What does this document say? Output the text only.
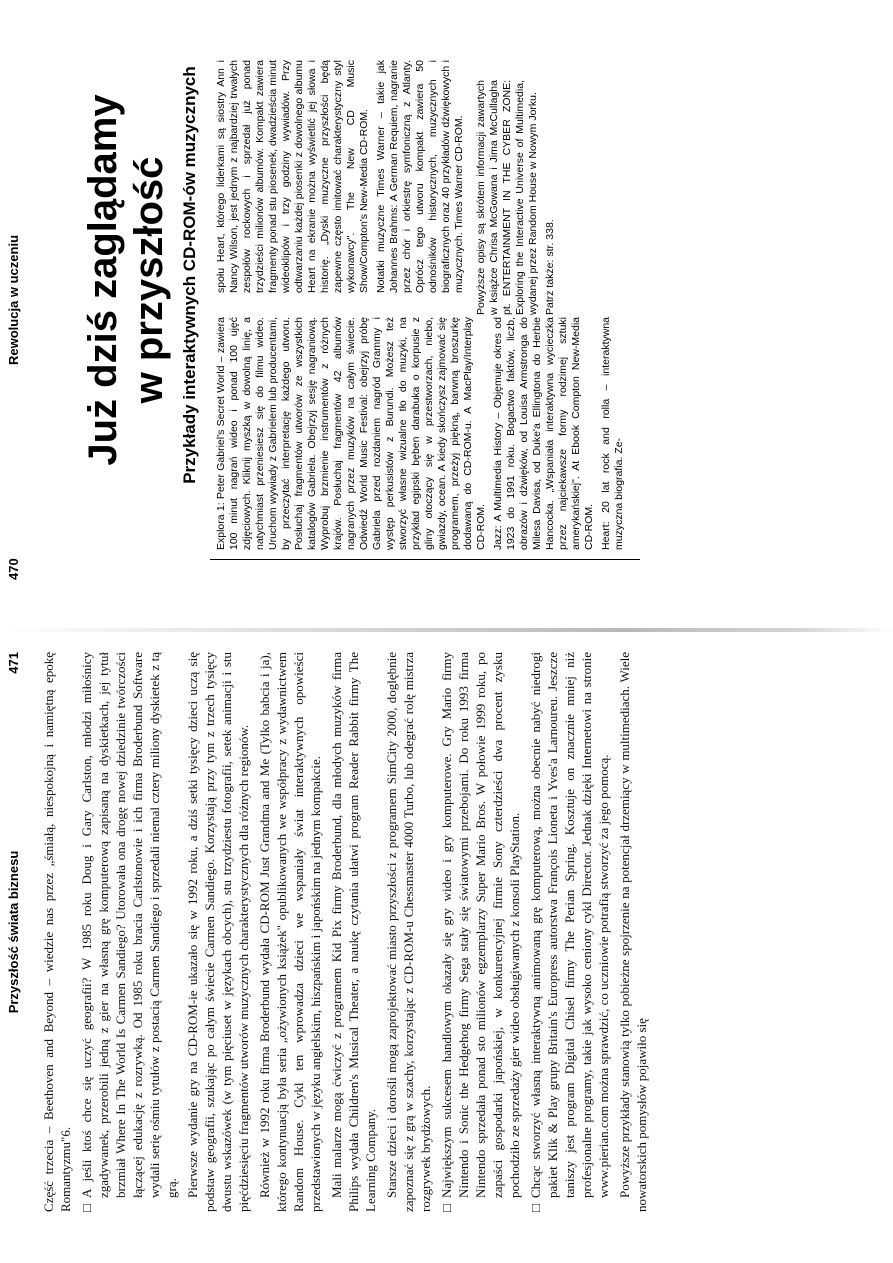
470
Rewolucja w uczeniu Już dziś zaglądamy w przyszłość Przykłady interaktywnych CD-ROM-ów muzycznych Explora 1: Peter Gabriel's Secret World – zawiera 100 minut nagrań wideo i ponad 100 ujęć zdjęciowych. Kliknij myszką w dowolną linię, a natychmiast przeniesiesz się do filmu wideo. Uruchom wywiady z Gabrielem lub producentami, by przeczytać interpretację każdego utworu. Posłuchaj fragmentów utworów ze wszystkich katalogów Gabriela. Obejrzyj sesję nagraniową. Wyprobuj brzmienie instrumentów z różnych krajów. Posłuchaj fragmentów 42 albumów nagranych przez muzyków na całym świecie. Odwiedź World Music Festival: obejrzyj próbę Gabriela przed rozdaniem nagród Grammy i występ perkusistów z Burundi. Możesz też stworzyć własne wizualne tło do muzyki, na przykład egipski bęben darabuka o korpusie z gliny otoczący się w przestworzach, niebo, gwiazdy, ocean. A kiedy skończysz zajmować się programem, przeżyj piękną, barwną broszurkę dodawaną do CD-ROM-u. A MacPlay/Interplay CD-ROM. Jazz: A Multimedia History – Objęmuje okres od 1923 do 1991 roku. Bogactwo faktów, liczb, obrazów i dźwięków, od Louisa Armstronga do Milesa Davisa, od Duke'a Ellingtona do Herbie Hancocka. „Wspaniała interaktywna wycieczka przez najciekawsze formy rodzimej sztuki amerykańskiej". At Ebook Compton New-Media CD-ROM. Heart: 20 lat rock and rolla – interaktywna muzyczna biografia. Ze-

społu Heart, którego liderkami są siostry Ann i Nancy Wilson, jest jednym z najbardziej trwałych zespołów rockowych i sprzedał już ponad trzydzieści milionów albumów. Kompakt zawiera fragmenty ponad stu piosenek, dwadzieścia minut wideoklipów i trzy godziny wywiadów. Przy odtwarzaniu każdej piosenki z dowolnego albumu Heart na ekranie można wyświetlić jej słowa i historię. „Dyski muzyczne przyszłości będą zapewne często imitować charakterystyczny styl wykonawcy". The New CD Music Show/Compton's New-Media CD-ROM. Notatki muzyczne Times Warner – takie jak Johannes Brahms: A German Requiem, nagranie przez chór i orkiestrę symfoniczną z Atlanty. Oprócz tego utworu kompakt zawiera 50 odnośników historycznych, muzycznych i biograficznych oraz 40 przykładów dźwiękowych i muzycznych. Times Warner CD-ROM. Powyższe opisy są skrótem informacji zawartych w książce Chrisa McGowana i Jima McCullagha pt. ENTERTAINMENT IN THE CYBER ZONE: Exploring the Interactive Universe of Multimedia, wydanej przez Random House w Nowym Jorku. Patrz także: str. 338.

Przyszłość świata biznesu
471 Część trzecia – Beethoven and Beyond – wiedzie nas przez „śmiałą, niespokojną i namiętną epokę Romantyzmu"6. □ A jeśli ktoś chce się uczyć geografii? W 1985 roku Doug i Gary Carlston, młodzi miłośnicy zgadywanek, przerobili jedną z gier na własną grę komputerową zapisaną na dyskietkach, jej tytuł brzmiał Where In The World Is Carmen Sandiego? Utorowała ona drogę nowej dziedzinie twórczości łączącej edukację z rozrywką. Od 1985 roku bracia Carlstonowie i ich firma Broderbund Software wydali serię ośmiu tytułów z postacią Carmen Sandiego i sprzedali niemal cztery miliony dyskietek z tą grą. Pierwsze wydanie gry na CD-ROM-ie ukazało się w 1992 roku, a dziś setki tysięcy dzieci uczą się podstaw geografii, szukając po całym świecie Carmen Sandiego. Korzystają przy tym z trzech tysięcy dwustu wskazówek (w tym pięciuset w językach obcych), stu trzydziestu fotografii, setek animacji i stu pięćdziesięciu fragmentów utworów muzycznych charakterystycznych dla różnych regionów. Również w 1992 roku firma Broderbund wydała CD-ROM Just Grandma and Me (Tylko babcia i ja), którego kontynuacją była seria „ożywionych książek" opublikowanych we współpracy z wydawnictwem Random House. Cykl ten wprowadza dzieci we wspaniały świat interaktywnych opowieści przedstawionych w języku angielskim, hiszpańskim i japońskim na jednym kompakcie. Mali malarze mogą ćwiczyć z programem Kid Pix firmy Broderbund, dla młodych muzyków firma Philips wydała Children's Musical Theater, a naukę czytania ułatwi program Reader Rabbit firmy The Learning Company. Starsze dzieci i dorośli mogą zaprojektować miasto przyszłości z programem SimCity 2000, doglębnie zapoznać się z grą w szachy, korzystając z CD-ROM-u Chessmaster 4000 Turbo, lub odegrać rolę mistrza rozgrywek brydżowych. □ Największym sukcesem handlowym okazały się gry wideo i gry komputerowe. Gry Mario firmy Nintendo i Sonic the Hedgehog firmy Sega stały się światowymi przebojami. Do roku 1993 firma Nintendo sprzedała ponad sto milionów egzemplarzy Super Mario Bros. W połowie 1999 roku, po zapaści gospodarki japońskiej, w konkurencyjnej firmie Sony czterdzieści dwa procent zysku pochodziło ze sprzedaży gier wideo obsługiwanych z konsoli PlayStation. □ Chcąc stworzyć własną interaktywną animowaną grę komputerową, można obecnie nabyć niedrogi pakiet Klik & Play grupy Britain's Europress autorstwa François Lioneta i Yves'a Larnoureu. Jeszcze taniszy jest program Digital Chisel firmy The Perian Spring. Kosztuje on znacznie mniej niż profesjonalne programy, takie jak wysoko ceniony cykl Director. Jednak dzięki Internetowi na stronie www.pierian.com można sprawdzić, co uczniowie potrafią stworzyć za jego pomocą. Powyższe przykłady stanowią tylko pobieżne spojrzenie na potencjał drzemiący w multimediach. Wiele nowatorskich pomysłów pojawiło się
